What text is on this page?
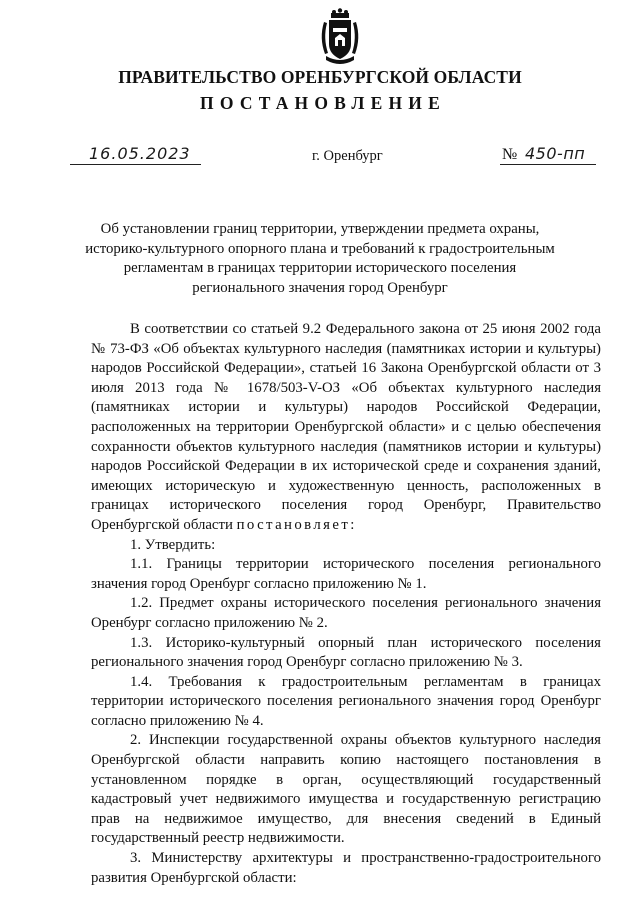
ПРАВИТЕЛЬСТВО ОРЕНБУРГСКОЙ ОБЛАСТИ
ПОСТАНОВЛЕНИЕ
16.05.2023	г. Оренбург	№ 450-пп
Об установлении границ территории, утверждении предмета охраны, историко-культурного опорного плана и требований к градостроительным регламентам в границах территории исторического поселения регионального значения город Оренбург

В соответствии со статьей 9.2 Федерального закона от 25 июня 2002 года № 73-ФЗ «Об объектах культурного наследия (памятниках истории и культуры) народов Российской Федерации», статьей 16 Закона Оренбургской области от 3 июля 2013 года № 1678/503-V-ОЗ «Об объектах культурного наследия (памятниках истории и культуры) народов Российской Федерации, расположенных на территории Оренбургской области» и с целью обеспечения сохранности объектов культурного наследия (памятников истории и культуры) народов Российской Федерации в их исторической среде и сохранения зданий, имеющих историческую и художественную ценность, расположенных в границах исторического поселения город Оренбург, Правительство Оренбургской области постановляет:

1. Утвердить:

1.1. Границы территории исторического поселения регионального значения город Оренбург согласно приложению № 1.

1.2. Предмет охраны исторического поселения регионального значения Оренбург согласно приложению № 2.

1.3. Историко-культурный опорный план исторического поселения регионального значения город Оренбург согласно приложению № 3.

1.4. Требования к градостроительным регламентам в границах территории исторического поселения регионального значения город Оренбург согласно приложению № 4.

2. Инспекции государственной охраны объектов культурного наследия Оренбургской области направить копию настоящего постановления в установленном порядке в орган, осуществляющий государственный кадастровый учет недвижимого имущества и государственную регистрацию прав на недвижимое имущество, для внесения сведений в Единый государственный реестр недвижимости.

3. Министерству архитектуры и пространственно-градостроительного развития Оренбургской области:
